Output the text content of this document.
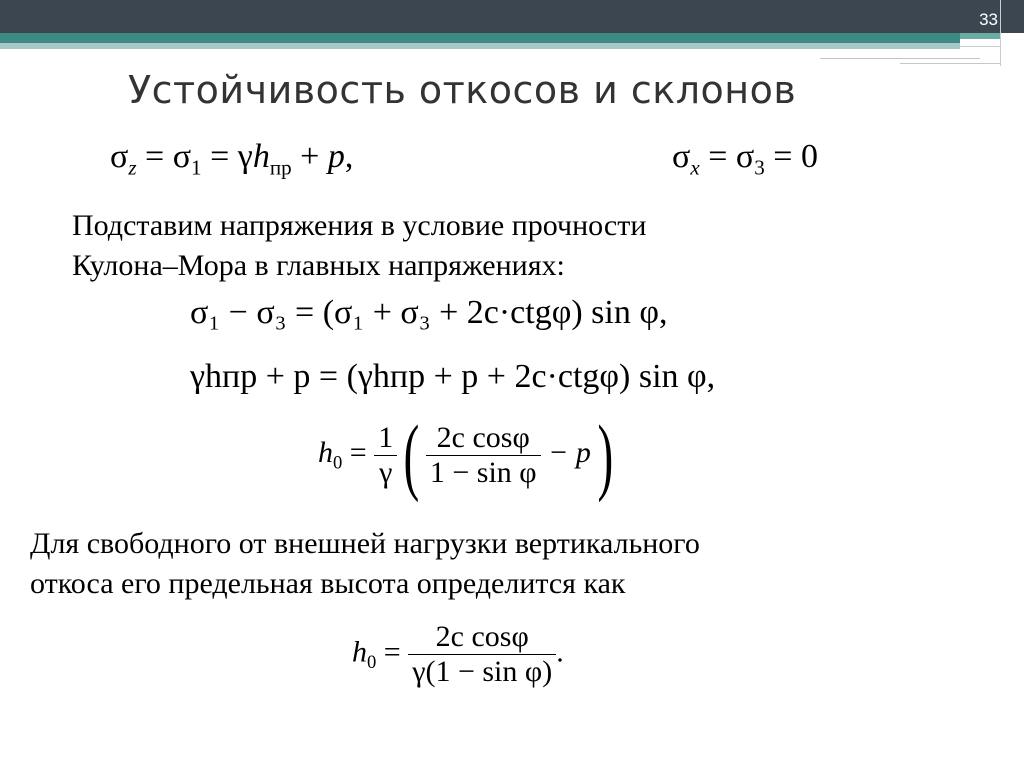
33
Устойчивость откосов и склонов
$\sigma_z = \sigma_1 = \gamma h_{пр} + p$,	$\sigma_x = \sigma_3 = 0$
Подставим напряжения в условие прочности
Кулона–Мора в главных напряжениях:
σ₁ − σ₃ = (σ₁ + σ₃ + 2c·ctgφ) sin φ,
γhпр + p = (γhпр + p + 2c·ctgφ) sin φ,
$h_0 = \frac{1}{\gamma}$ ( $\frac{\text{2c cosφ}}{\text{1 − sin φ}} - p$)
Для свободного от внешней нагрузки вертикального
откоса его предельная высота определится как
$h_0 = \frac{\text{2c cosφ}}{\text{γ(1 − sin φ)}}$ .
